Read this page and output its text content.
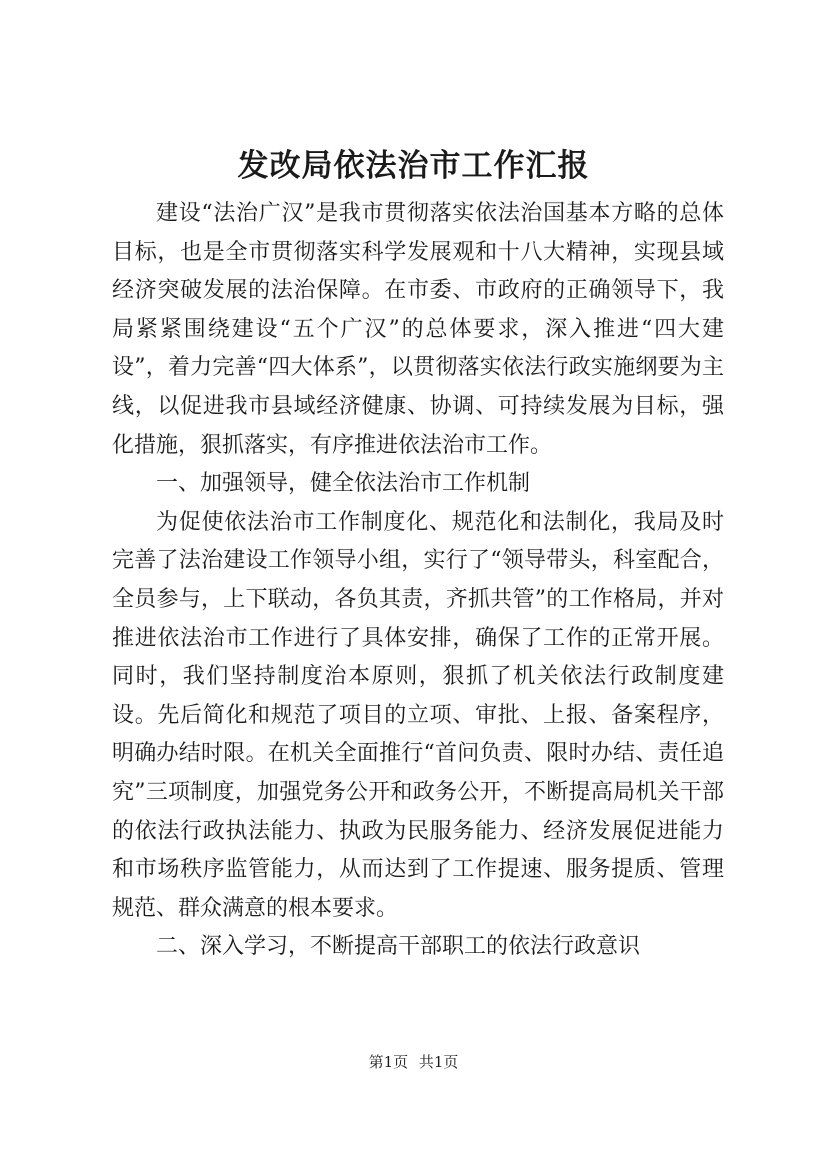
发改局依法治市工作汇报

建设“法治广汉”是我市贯彻落实依法治国基本方略的总体目标，也是全市贯彻落实科学发展观和十八大精神，实现县域经济突破发展的法治保障。在市委、市政府的正确领导下，我局紧紧围绕建设“五个广汉”的总体要求，深入推进“四大建设”，着力完善“四大体系”，以贯彻落实依法行政实施纲要为主线，以促进我市县域经济健康、协调、可持续发展为目标，强化措施，狠抓落实，有序推进依法治市工作。

一、加强领导，健全依法治市工作机制

为促使依法治市工作制度化、规范化和法制化，我局及时完善了法治建设工作领导小组，实行了“领导带头，科室配合，全员参与，上下联动，各负其责，齐抓共管”的工作格局，并对推进依法治市工作进行了具体安排，确保了工作的正常开展。同时，我们坚持制度治本原则，狠抓了机关依法行政制度建设。先后简化和规范了项目的立项、审批、上报、备案程序，明确办结时限。在机关全面推行“首问负责、限时办结、责任追究”三项制度，加强党务公开和政务公开，不断提高局机关干部的依法行政执法能力、执政为民服务能力、经济发展促进能力和市场秩序监管能力，从而达到了工作提速、服务提质、管理规范、群众满意的根本要求。

二、深入学习，不断提高干部职工的依法行政意识

第1页 共1页
